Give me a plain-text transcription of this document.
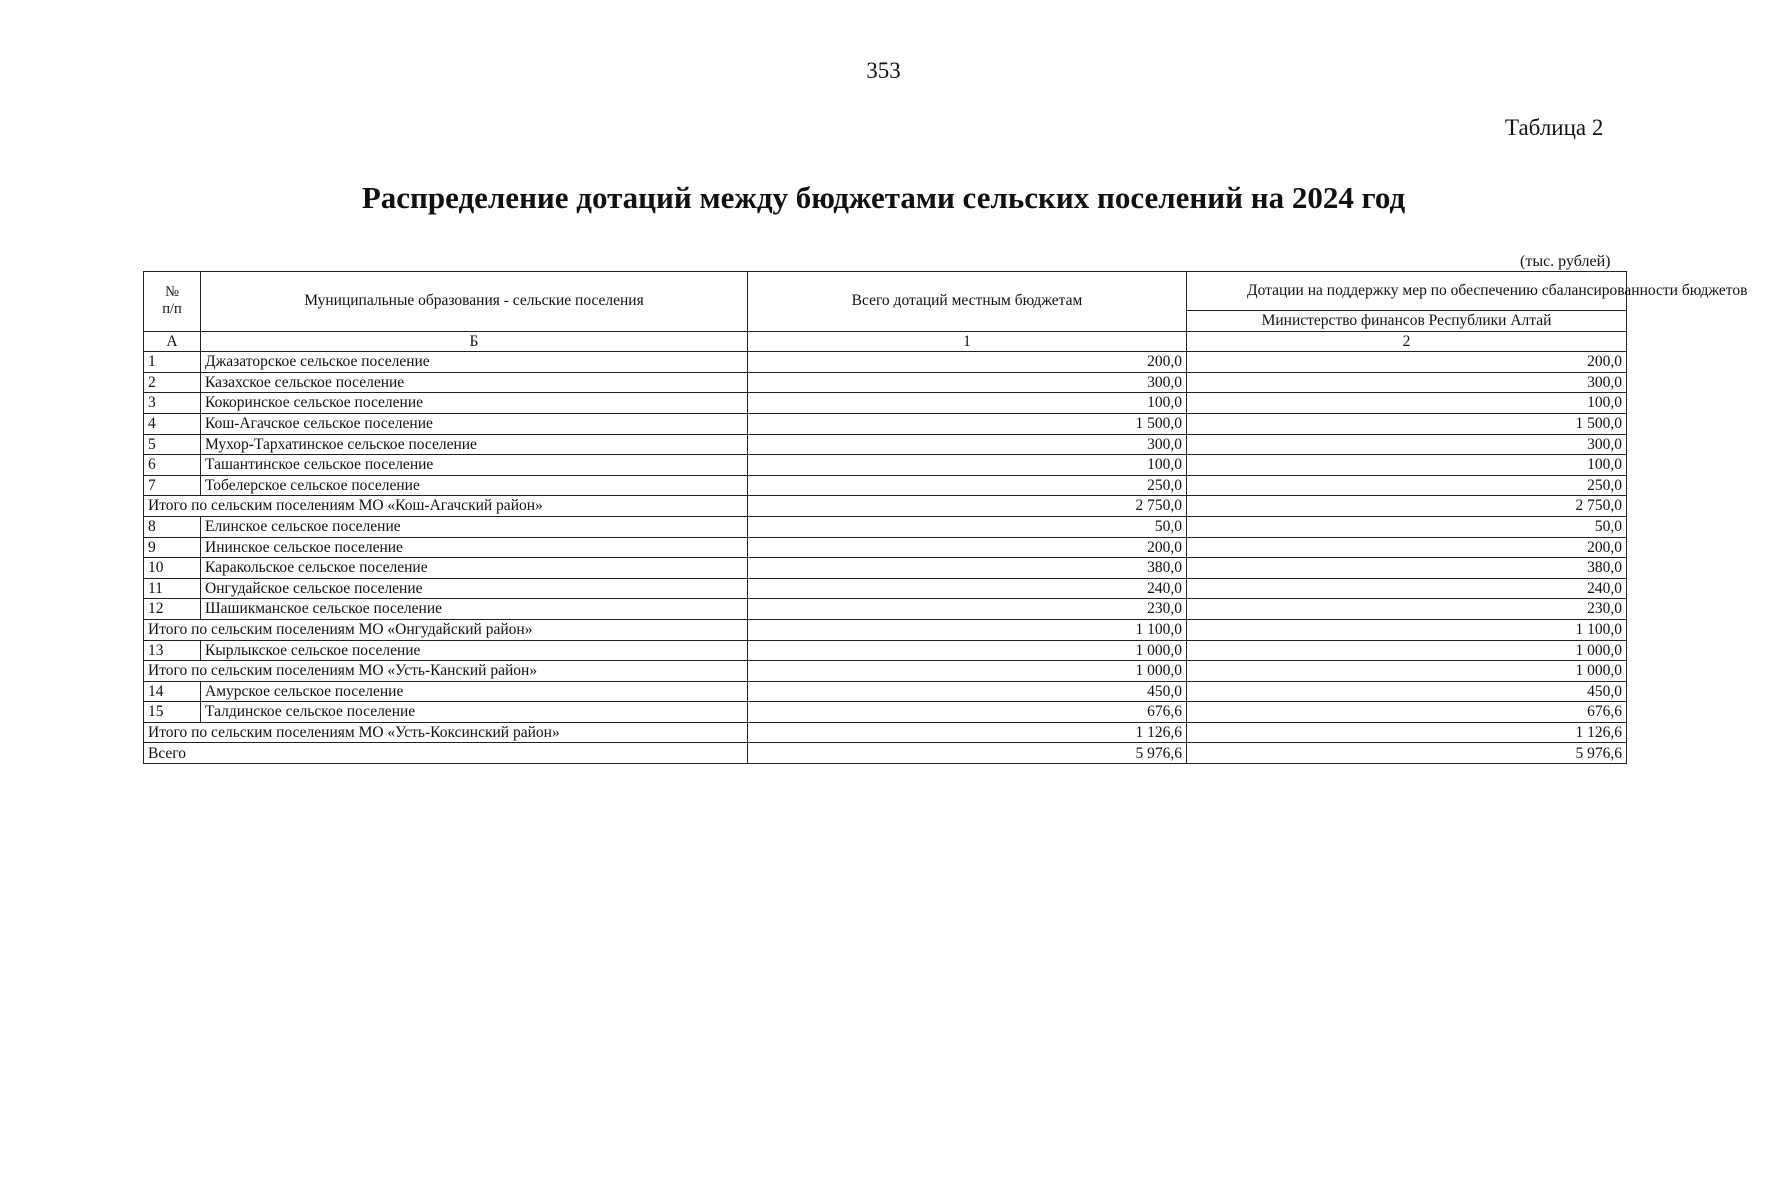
353
Таблица 2
Распределение дотаций между бюджетами сельских поселений на 2024 год
(тыс. рублей)
№
п/п	Муниципальные образования - сельские поселения	Всего дотаций местным бюджетам	Дотации на поддержку мер по обеспечению сбалансированности бюджетов
			Министерство финансов Республики Алтай
А	Б	1	2
1	Джазаторское сельское поселение	200,0	200,0
2	Казахское сельское поселение	300,0	300,0
3	Кокоринское сельское поселение	100,0	100,0
4	Кош-Агачское сельское поселение	1 500,0	1 500,0
5	Мухор-Тархатинское сельское поселение	300,0	300,0
6	Ташантинское сельское поселение	100,0	100,0
7	Тобелерское сельское поселение	250,0	250,0
Итого по сельским поселениям МО «Кош-Агачский район»		2 750,0	2 750,0
8	Елинское сельское поселение	50,0	50,0
9	Ининское сельское поселение	200,0	200,0
10	Каракольское сельское поселение	380,0	380,0
11	Онгудайское сельское поселение	240,0	240,0
12	Шашикманское сельское поселение	230,0	230,0
Итого по сельским поселениям МО «Онгудайский район»		1 100,0	1 100,0
13	Кырлыкское сельское поселение	1 000,0	1 000,0
Итого по сельским поселениям МО «Усть-Канский район»		1 000,0	1 000,0
14	Амурское сельское поселение	450,0	450,0
15	Талдинское сельское поселение	676,6	676,6
Итого по сельским поселениям МО «Усть-Коксинский район»		1 126,6	1 126,6
Всего		5 976,6	5 976,6
